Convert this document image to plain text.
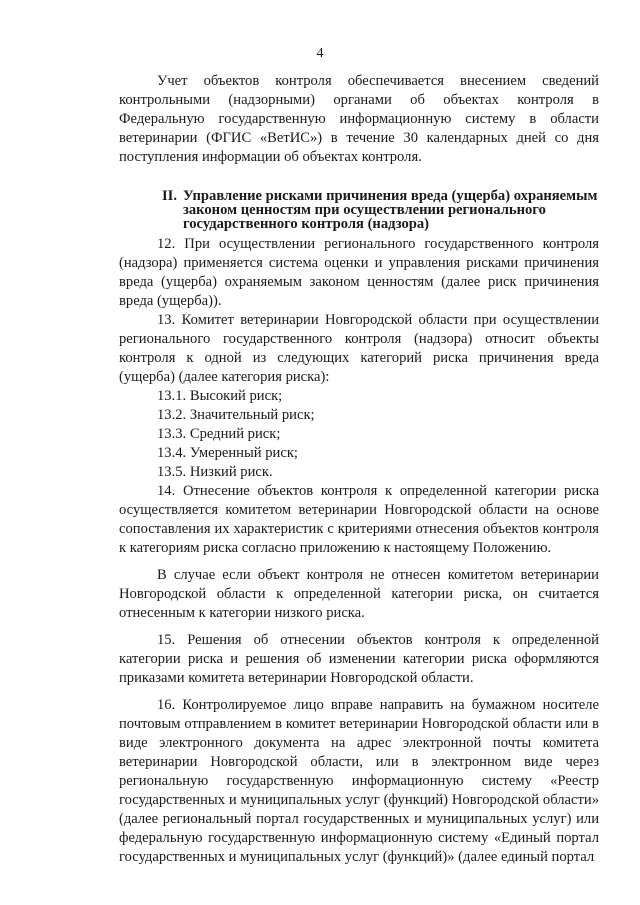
4

Учет объектов контроля обеспечивается внесением сведений контрольными (надзорными) органами об объектах контроля в Федеральную государственную информационную систему в области ветеринарии (ФГИС «ВетИС») в течение 30 календарных дней со дня поступления информации об объектах контроля.

II. Управление рисками причинения вреда (ущерба) охраняемым законом ценностям при осуществлении регионального государственного контроля (надзора)

12. При осуществлении регионального государственного контроля (надзора) применяется система оценки и управления рисками причинения вреда (ущерба) охраняемым законом ценностям (далее риск причинения вреда (ущерба)).

13. Комитет ветеринарии Новгородской области при осуществлении регионального государственного контроля (надзора) относит объекты контроля к одной из следующих категорий риска причинения вреда (ущерба) (далее категория риска):

13.1. Высокий риск;

13.2. Значительный риск;

13.3. Средний риск;

13.4. Умеренный риск;

13.5. Низкий риск.

14. Отнесение объектов контроля к определенной категории риска осуществляется комитетом ветеринарии Новгородской области на основе сопоставления их характеристик с критериями отнесения объектов контроля к категориям риска согласно приложению к настоящему Положению.

В случае если объект контроля не отнесен комитетом ветеринарии Новгородской области к определенной категории риска, он считается отнесенным к категории низкого риска.

15. Решения об отнесении объектов контроля к определенной категории риска и решения об изменении категории риска оформляются приказами комитета ветеринарии Новгородской области.

16. Контролируемое лицо вправе направить на бумажном носителе почтовым отправлением в комитет ветеринарии Новгородской области или в виде электронного документа на адрес электронной почты комитета ветеринарии Новгородской области, или в электронном виде через региональную государственную информационную систему «Реестр государственных и муниципальных услуг (функций) Новгородской области» (далее региональный портал государственных и муниципальных услуг) или федеральную государственную информационную систему «Единый портал государственных и муниципальных услуг (функций)» (далее единый портал
